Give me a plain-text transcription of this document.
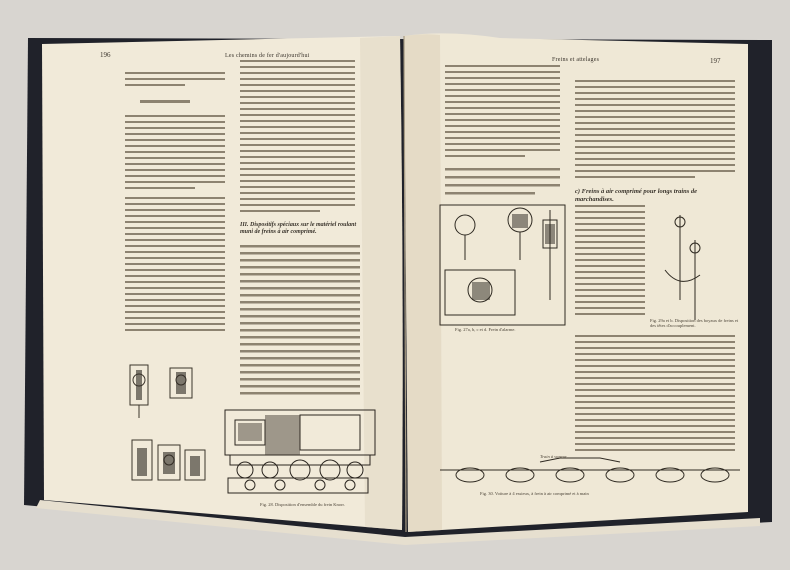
196	Les chemins de fer d'aujourd'hui
197
Freins et attelages
III. Dispositifs spéciaux sur le matériel roulant muni de freins à air comprimé.
c) Freins à air comprimé pour longs trains de marchandises.
Fig. 28. Disposition d'ensemble du frein Knorr.
Fig. 27a, b, c et d. Frein d'alarme.
Fig. 29a et b. Disposition des boyaux de freins et des têtes d'accouplement.
Fig. 30. Voiture à 4 essieux, à frein à air comprimé et à main
Train à vapeur
